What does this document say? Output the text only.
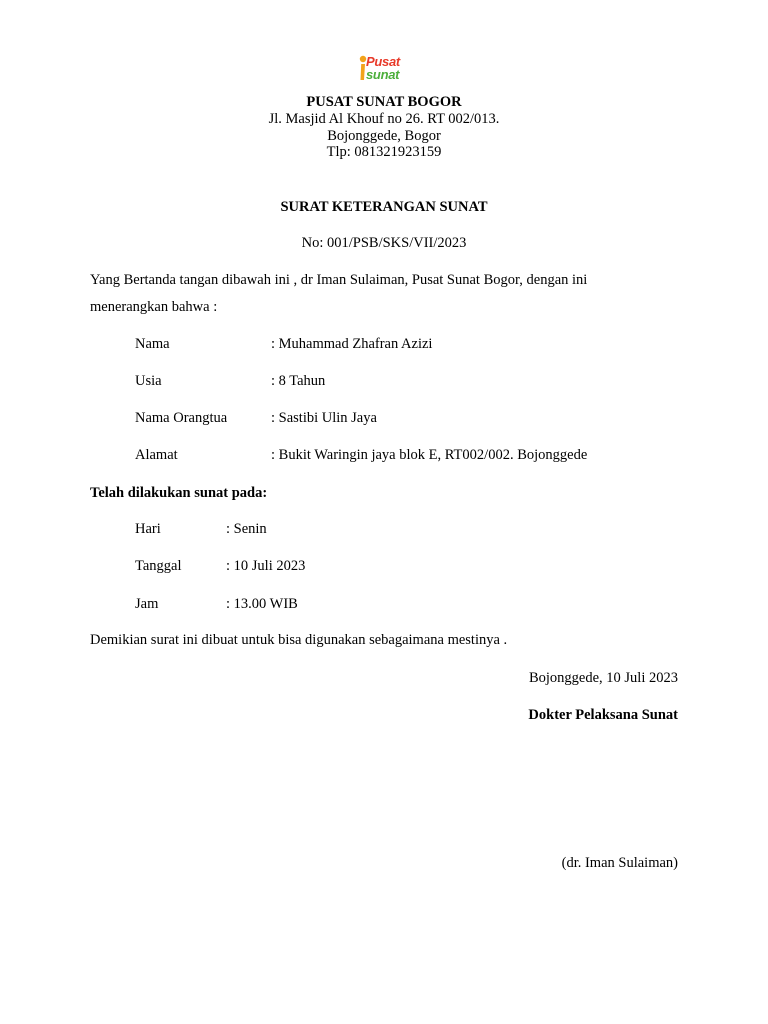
Pusat
sunat
PUSAT SUNAT BOGOR
Jl. Masjid Al Khouf no 26. RT 002/013.
Bojonggede, Bogor
Tlp: 081321923159
SURAT KETERANGAN SUNAT
No: 001/PSB/SKS/VII/2023
Yang Bertanda tangan dibawah ini , dr Iman Sulaiman, Pusat Sunat Bogor, dengan ini
menerangkan bahwa :
Nama	: Muhammad Zhafran Azizi
Usia	: 8 Tahun
Nama Orangtua	: Sastibi Ulin Jaya
Alamat	: Bukit Waringin jaya blok E, RT002/002. Bojonggede
Telah dilakukan sunat pada:
Hari	: Senin
Tanggal	: 10 Juli 2023
Jam	: 13.00 WIB
Demikian surat ini dibuat untuk bisa digunakan sebagaimana mestinya .
Bojonggede, 10 Juli 2023
Dokter Pelaksana Sunat
(dr. Iman Sulaiman)
